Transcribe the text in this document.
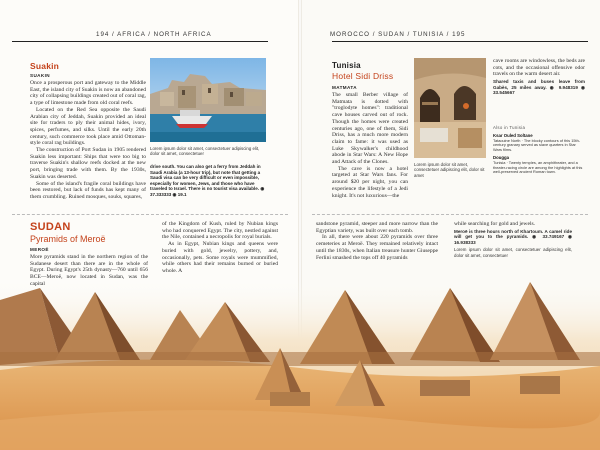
194 / AFRICA / NORTH AFRICA
Suakin
SUAKIN

Once a prosperous port and gateway to the Middle East, the island city of Suakin is now an abandoned city of collapsing buildings created out of coral rag, a type of limestone made from old coral reefs.

Located on the Red Sea opposite the Saudi Arabian city of Jeddah, Suakin provided an ideal site for traders to ply their animal hides, ivory, spices, perfumes, and silks. Until the early 20th century, such commerce took place amid Ottoman-style coral rag buildings.

The construction of Port Sudan in 1905 rendered Suakin less important: Ships that were too big to traverse Suakin's shallow reefs docked at the new port, bringing trade with them. By the 1930s, Suakin was deserted.

Some of the island's fragile coral buildings have been restored, but lack of funds has kept many of them crumbling. Ruined mosques, souks, squares,

Lorem ipsum dolor sit amet, consectetuer adipiscing elit, dolor sit amet, consectetuer
drive south. You can also get a ferry from Jeddah in Saudi Arabia (a 13-hour trip), but note that getting a Saudi visa can be very difficult or even impossible, especially for women, Jews, and those who have traveled to Israel. There is no tourist visa available. ◉ 37.333333 ◉ 19.1
MOROCCO / SUDAN / TUNISIA / 195
Tunisia
Hotel Sidi Driss
MATMATA

The small Berber village of Matmata is dotted with "troglodyte homes": traditional cave houses carved out of rock. Though the homes were created centuries ago, one of them, Sidi Driss, has a much more modern claim to fame: it was used as Luke Skywalker's childhood abode in Star Wars: A New Hope and Attack of the Clones.

The cave is now a hotel targeted at Star Wars fans. For around $20 per night, you can experience the lifestyle of a Jedi knight. It's not luxurious—the

Lorem ipsum dolor sit amet, consectetuer adipiscing elit, dolor sit amet

cave rooms are windowless, the beds are cots, and the occasional offensive odor travels on the warm desert air.

Shared taxis and buses leave from Gabès, 25 miles away. ◉ 9.948319 ◉ 33.545667

Also in Tunisia
Ksar Ouled Soltane

Tataouine North · The blocky contours of this 15th-century granary served as slave quarters in Star Wars films.

Dougga

Tunisia · Twenty temples, an amphitheater, and a theater-racing circle are among the highlights at this well-preserved ancient Roman town.

SUDAN
Pyramids of Meroë
MEROË

More pyramids stand in the northern region of the Sudanese desert than there are in the whole of Egypt. During Egypt's 25th dynasty—760 until 656 BCE—Meroë, now located in Sudan, was the capital

of the Kingdom of Kush, ruled by Nubian kings who had conquered Egypt. The city, nestled against the Nile, contained a necropolis for royal burials.

As in Egypt, Nubian kings and queens were buried with gold, jewelry, pottery, and, occasionally, pets. Some royals were mummified, while others had their remains burned or buried whole. A

sandstone pyramid, steeper and more narrow than the Egyptian variety, was built over each tomb.

In all, there were about 220 pyramids over three cemeteries at Meroë. They remained relatively intact until the 1830s, when Italian treasure hunter Giuseppe Ferlini smashed the tops off 40 pyramids

while searching for gold and jewels.

Meroë is three hours north of Khartoum. A camel ride will get you to the pyramids. ◉ 33.749167 ◉ 16.938333

Lorem ipsum dolor sit amet, consectetuer adipiscing elit, dolor sit amet, consectetuer
